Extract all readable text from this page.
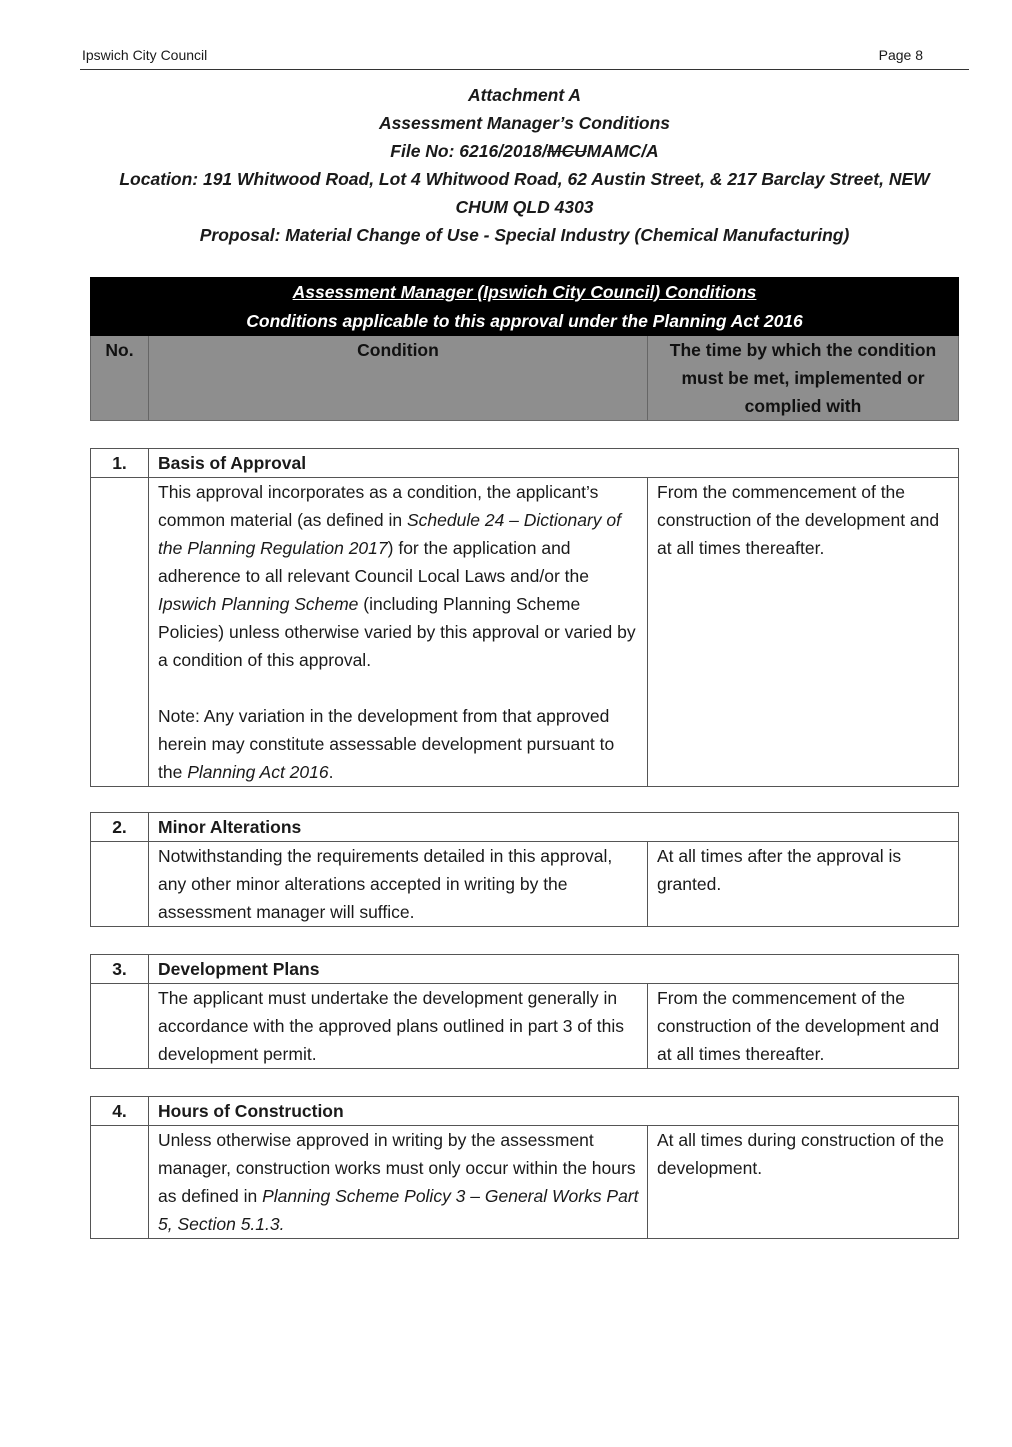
Ipswich City Council	Page 8
Attachment A
Assessment Manager’s Conditions
File No: 6216/2018/MCUMAMC/A
Location: 191 Whitwood Road, Lot 4 Whitwood Road, 62 Austin Street, & 217 Barclay Street, NEW
CHUM QLD 4303
Proposal: Material Change of Use - Special Industry (Chemical Manufacturing)
Assessment Manager (Ipswich City Council) Conditions
Conditions applicable to this approval under the Planning Act 2016
No.	Condition	The time by which the condition must be met, implemented or complied with
1.	Basis of Approval	
	This approval incorporates as a condition, the applicant’s common material (as defined in Schedule 24 – Dictionary of the Planning Regulation 2017) for the application and adherence to all relevant Council Local Laws and/or the Ipswich Planning Scheme (including Planning Scheme Policies) unless otherwise varied by this approval or varied by a condition of this approval.
Note: Any variation in the development from that approved herein may constitute assessable development pursuant to the Planning Act 2016.	From the commencement of the construction of the development and at all times thereafter.
2.	Minor Alterations	
	Notwithstanding the requirements detailed in this approval, any other minor alterations accepted in writing by the assessment manager will suffice.	At all times after the approval is granted.
3.	Development Plans	
	The applicant must undertake the development generally in accordance with the approved plans outlined in part 3 of this development permit.	From the commencement of the construction of the development and at all times thereafter.
4.	Hours of Construction	
	Unless otherwise approved in writing by the assessment manager, construction works must only occur within the hours as defined in Planning Scheme Policy 3 – General Works Part 5, Section 5.1.3.	At all times during construction of the development.
